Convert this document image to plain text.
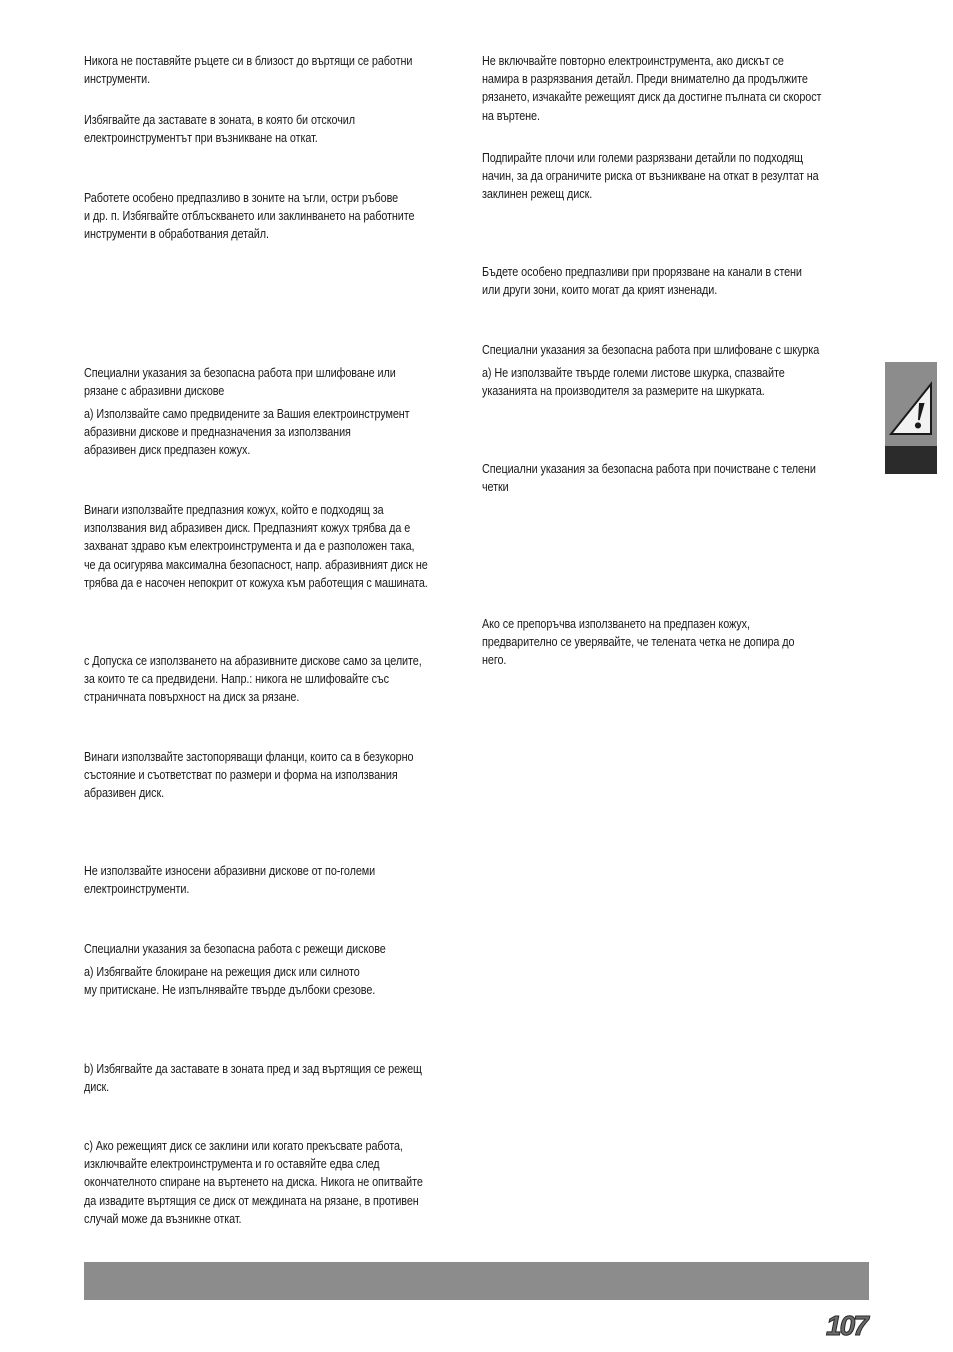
Никога не поставяйте ръцете си в близост до въртящи се работни
инструменти.

Избягвайте да заставате в зоната, в която би отскочил
електроинструментът при възникване на откат.

Работете особено предпазливо в зоните на ъгли, остри ръбове
и др. п. Избягвайте отблъскването или заклинването на работните
инструменти в обработвания детайл.

Специални указания за безопасна работа при шлифоване или
рязане с абразивни дискове

а) Използвайте само предвидените за Вашия електроинструмент
абразивни дискове и предназначения за използвания
абразивен диск предпазен кожух.

Винаги използвайте предпазния кожух, който е подходящ за
използвания вид абразивен диск. Предпазният кожух трябва да е
захванат здраво към електроинструмента и да е разположен така,
че да осигурява максимална безопасност, напр. абразивният диск не
трябва да е насочен непокрит от кожуха към работещия с машината.

с Допуска се използването на абразивните дискове само за целите,
за които те са предвидени. Напр.: никога не шлифовайте със
страничната повърхност на диск за рязане.

Винаги използвайте застопоряващи фланци, които са в безукорно
състояние и съответстват по размери и форма на използвания
абразивен диск.

Не използвайте износени абразивни дискове от по-големи
електроинструменти.

Специални указания за безопасна работа с режещи дискове

а) Избягвайте блокиране на режещия диск или силното
му притискане. Не изпълнявайте твърде дълбоки срезове.

b) Избягвайте да заставате в зоната пред и зад въртящия се режещ
диск.

с) Ако режещият диск се заклини или когато прекъсвате работа,
изключвайте електроинструмента и го оставяйте едва след
окончателното спиране на въртенето на диска. Никога не опитвайте
да извадите въртящия се диск от междината на рязане, в противен
случай може да възникне откат.

Не включвайте повторно електроинструмента, ако дискът се
намира в разрязвания детайл. Преди внимателно да продължите
рязането, изчакайте режещият диск да достигне пълната си скорост
на въртене.

Подпирайте плочи или големи разрязвани детайли по подходящ
начин, за да ограничите риска от възникване на откат в резултат на
заклинен режещ диск.

Бъдете особено предпазливи при прорязване на канали в стени
или други зони, които могат да крият изненади.

Специални указания за безопасна работа при шлифоване с шкурка

а) Не използвайте твърде големи листове шкурка, спазвайте
указанията на производителя за размерите на шкурката.

Специални указания за безопасна работа при почистване с телени
четки

Ако се препоръчва използването на предпазен кожух,
предварително се уверявайте, че телената четка не допира до
него.

!
107
